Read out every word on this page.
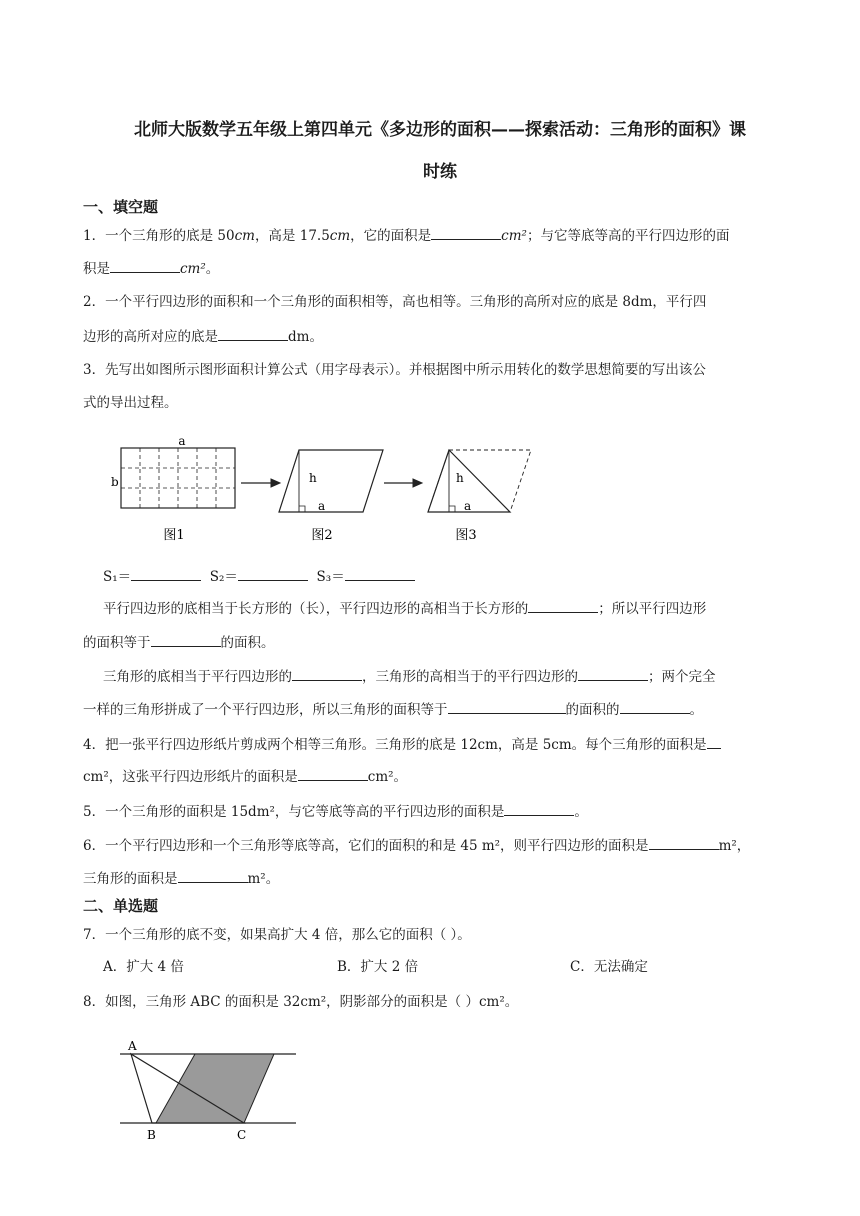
北师大版数学五年级上第四单元《多边形的面积——探索活动：三角形的面积》课
时练
一、填空题
1．一个三角形的底是 50cm，高是 17.5cm，它的面积是	cm²；与它等底等高的平行四边形的面
积是	cm²。
2．一个平行四边形的面积和一个三角形的面积相等，高也相等。三角形的高所对应的底是 8dm，平行四
边形的高所对应的底是	dm。
3．先写出如图所示图形面积计算公式（用字母表示）。并根据图中所示用转化的数学思想简要的写出该公
式的导出过程。
a
b
图1
h
a
图2
h
a
图3
S₁＝	S₂＝	S₃＝
平行四边形的底相当于长方形的（长），平行四边形的高相当于长方形的	；所以平行四边形
的面积等于	的面积。
三角形的底相当于平行四边形的	，三角形的高相当于的平行四边形的	；两个完全
一样的三角形拼成了一个平行四边形，所以三角形的面积等于	的面积的	。
4．把一张平行四边形纸片剪成两个相等三角形。三角形的底是 12cm，高是 5cm。每个三角形的面积是
cm²，这张平行四边形纸片的面积是	cm²。
5．一个三角形的面积是 15dm²，与它等底等高的平行四边形的面积是	。
6．一个平行四边形和一个三角形等底等高，它们的面积的和是 45 m²，则平行四边形的面积是	m²，
三角形的面积是	m²。
二、单选题
7．一个三角形的底不变，如果高扩大 4 倍，那么它的面积（ ）。
A．扩大 4 倍	B．扩大 2 倍	C．无法确定
8．如图，三角形 ABC 的面积是 32cm²，阴影部分的面积是（ ）cm²。
A
B	C
